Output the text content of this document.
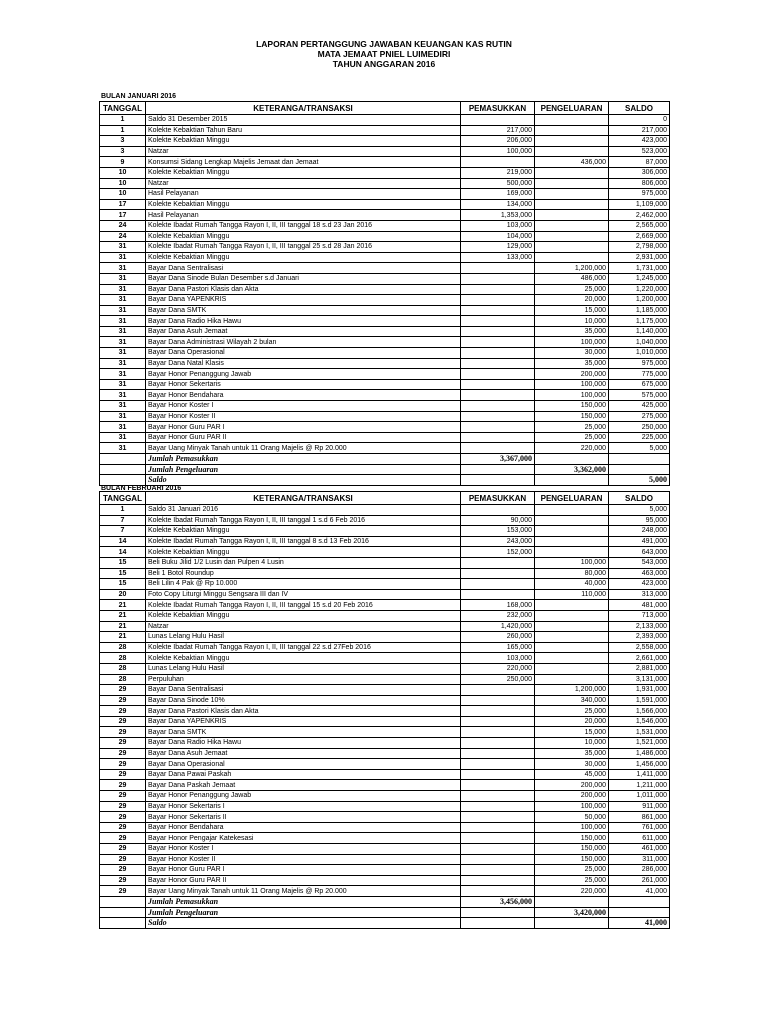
LAPORAN PERTANGGUNG JAWABAN KEUANGAN KAS RUTIN
MATA JEMAAT PNIEL LUIMEDIRI
TAHUN ANGGARAN 2016
BULAN JANUARI 2016
TANGGAL	KETERANGA/TRANSAKSI	PEMASUKKAN	PENGELUARAN	SALDO
1	Saldo 31 Desember 2015			0
1	Kolekte Kebaktian Tahun Baru	217,000		217,000
3	Kolekte Kebaktian Minggu	206,000		423,000
3	Natzar	100,000		523,000
9	Konsumsi Sidang Lengkap Majelis Jemaat dan Jemaat		436,000	87,000
10	Kolekte Kebaktian Minggu	219,000		306,000
10	Natzar	500,000		806,000
10	Hasil Pelayanan	169,000		975,000
17	Kolekte Kebaktian Minggu	134,000		1,109,000
17	Hasil Pelayanan	1,353,000		2,462,000
24	Kolekte Ibadat Rumah Tangga Rayon I, II, III tanggal 18 s.d 23 Jan 2016	103,000		2,565,000
24	Kolekte Kebaktian Minggu	104,000		2,669,000
31	Kolekte Ibadat Rumah Tangga Rayon I, II, III tanggal 25 s.d 28 Jan 2016	129,000		2,798,000
31	Kolekte Kebaktian Minggu	133,000		2,931,000
31	Bayar Dana Sentralisasi		1,200,000	1,731,000
31	Bayar Dana Sinode Bulan Desember s.d Januari		486,000	1,245,000
31	Bayar Dana Pastori Klasis dan Akta		25,000	1,220,000
31	Bayar Dana YAPENKRIS		20,000	1,200,000
31	Bayar Dana SMTK		15,000	1,185,000
31	Bayar Dana Radio Hika Hawu		10,000	1,175,000
31	Bayar Dana Asuh Jemaat		35,000	1,140,000
31	Bayar Dana Administrasi Wilayah 2 bulan		100,000	1,040,000
31	Bayar Dana Operasional		30,000	1,010,000
31	Bayar Dana Natal Klasis		35,000	975,000
31	Bayar Honor Penanggung Jawab		200,000	775,000
31	Bayar Honor Sekertaris		100,000	675,000
31	Bayar Honor Bendahara		100,000	575,000
31	Bayar Honor Koster I		150,000	425,000
31	Bayar Honor Koster II		150,000	275,000
31	Bayar Honor Guru PAR I		25,000	250,000
31	Bayar Honor Guru PAR II		25,000	225,000
31	Bayar Uang Minyak Tanah untuk 11 Orang Majelis @ Rp 20.000		220,000	5,000
	Jumlah Pemasukkan	3,367,000		
	Jumlah Pengeluaran		3,362,000	
	Saldo			5,000
BULAN FEBRUARI 2016
TANGGAL	KETERANGA/TRANSAKSI	PEMASUKKAN	PENGELUARAN	SALDO
1	Saldo 31 Januari 2016			5,000
7	Kolekte Ibadat Rumah Tangga Rayon I, II, III tanggal 1 s.d 6 Feb 2016	90,000		95,000
7	Kolekte Kebaktian Minggu	153,000		248,000
14	Kolekte Ibadat Rumah Tangga Rayon I, II, III tanggal 8 s.d 13 Feb 2016	243,000		491,000
14	Kolekte Kebaktian Minggu	152,000		643,000
15	Beli Buku Jilid 1/2 Lusin dan Pulpen 4 Lusin		100,000	543,000
15	Beli 1 Botol Roundup		80,000	463,000
15	Beli Lilin 4 Pak @ Rp 10.000		40,000	423,000
20	Foto Copy Liturgi Minggu Sengsara III dan IV		110,000	313,000
21	Kolekte Ibadat Rumah Tangga Rayon I, II, III tanggal 15 s.d 20 Feb 2016	168,000		481,000
21	Kolekte Kebaktian Minggu	232,000		713,000
21	Natzar	1,420,000		2,133,000
21	Lunas Lelang Hulu Hasil	260,000		2,393,000
28	Kolekte Ibadat Rumah Tangga Rayon I, II, III tanggal 22 s.d 27Feb 2016	165,000		2,558,000
28	Kolekte Kebaktian Minggu	103,000		2,661,000
28	Lunas Lelang Hulu Hasil	220,000		2,881,000
28	Perpuluhan	250,000		3,131,000
29	Bayar Dana Sentralisasi		1,200,000	1,931,000
29	Bayar Dana Sinode 10%		340,000	1,591,000
29	Bayar Dana Pastori Klasis dan Akta		25,000	1,566,000
29	Bayar Dana YAPENKRIS		20,000	1,546,000
29	Bayar Dana SMTK		15,000	1,531,000
29	Bayar Dana Radio Hika Hawu		10,000	1,521,000
29	Bayar Dana Asuh Jemaat		35,000	1,486,000
29	Bayar Dana Operasional		30,000	1,456,000
29	Bayar Dana Pawai Paskah		45,000	1,411,000
29	Bayar Dana Paskah Jemaat		200,000	1,211,000
29	Bayar Honor Penanggung Jawab		200,000	1,011,000
29	Bayar Honor Sekertaris I		100,000	911,000
29	Bayar Honor Sekertaris II		50,000	861,000
29	Bayar Honor Bendahara		100,000	761,000
29	Bayar Honor Pengajar Katekesasi		150,000	611,000
29	Bayar Honor Koster I		150,000	461,000
29	Bayar Honor Koster II		150,000	311,000
29	Bayar Honor Guru PAR I		25,000	286,000
29	Bayar Honor Guru PAR II		25,000	261,000
29	Bayar Uang Minyak Tanah untuk 11 Orang Majelis @ Rp 20.000		220,000	41,000
	Jumlah Pemasukkan	3,456,000		
	Jumlah Pengeluaran		3,420,000	
	Saldo			41,000
